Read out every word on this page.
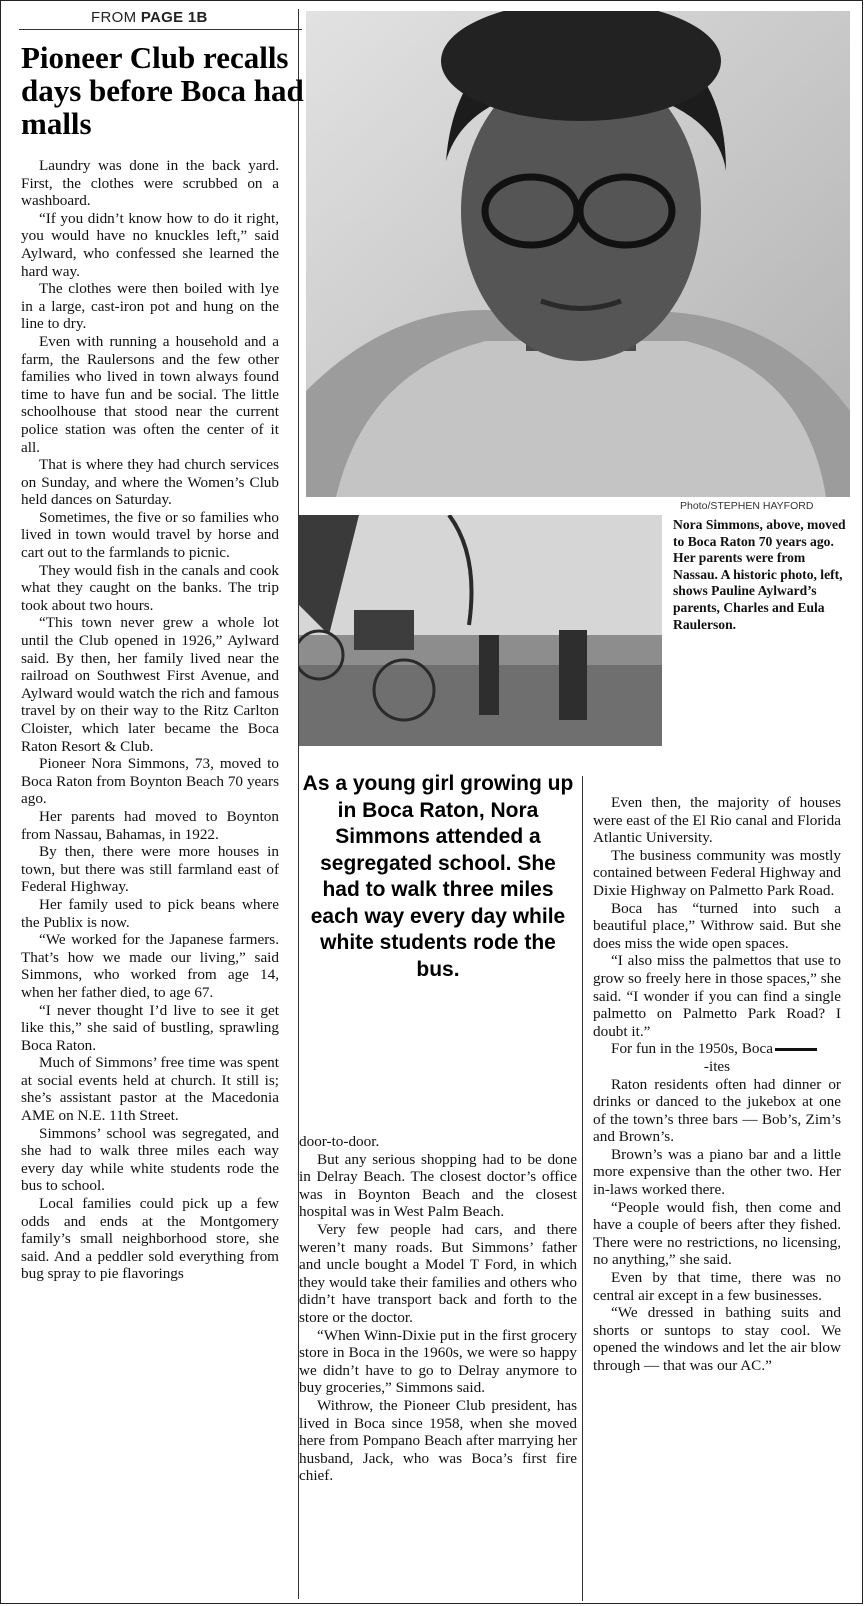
FROM PAGE 1B
Pioneer Club recalls days before Boca had malls

Laundry was done in the back yard. First, the clothes were scrubbed on a washboard.

“If you didn’t know how to do it right, you would have no knuckles left,” said Aylward, who confessed she learned the hard way.

The clothes were then boiled with lye in a large, cast-iron pot and hung on the line to dry.

Even with running a household and a farm, the Raulersons and the few other families who lived in town always found time to have fun and be social. The little schoolhouse that stood near the current police station was often the center of it all.

That is where they had church services on Sunday, and where the Women’s Club held dances on Saturday.

Sometimes, the five or so families who lived in town would travel by horse and cart out to the farmlands to picnic.

They would fish in the canals and cook what they caught on the banks. The trip took about two hours.

“This town never grew a whole lot until the Club opened in 1926,” Aylward said. By then, her family lived near the railroad on Southwest First Avenue, and Aylward would watch the rich and famous travel by on their way to the Ritz Carlton Cloister, which later became the Boca Raton Resort & Club.

Pioneer Nora Simmons, 73, moved to Boca Raton from Boynton Beach 70 years ago.

Her parents had moved to Boynton from Nassau, Bahamas, in 1922.

By then, there were more houses in town, but there was still farmland east of Federal Highway.

Her family used to pick beans where the Publix is now.

“We worked for the Japanese farmers. That’s how we made our living,” said Simmons, who worked from age 14, when her father died, to age 67.

“I never thought I’d live to see it get like this,” she said of bustling, sprawling Boca Raton.

Much of Simmons’ free time was spent at social events held at church. It still is; she’s assistant pastor at the Macedonia AME on N.E. 11th Street.

Simmons’ school was segregated, and she had to walk three miles each way every day while white students rode the bus to school.

Local families could pick up a few odds and ends at the Montgomery family’s small neighborhood store, she said. And a peddler sold everything from bug spray to pie flavorings

Photo/STEPHEN HAYFORD
Nora Simmons, above, moved to Boca Raton 70 years ago. Her parents were from Nassau. A historic photo, left, shows Pauline Aylward’s parents, Charles and Eula Raulerson.
As a young girl growing up in Boca Raton, Nora Simmons attended a segregated school. She had to walk three miles each way every day while white students rode the bus.

door-to-door.

But any serious shopping had to be done in Delray Beach. The closest doctor’s office was in Boynton Beach and the closest hospital was in West Palm Beach.

Very few people had cars, and there weren’t many roads. But Simmons’ father and uncle bought a Model T Ford, in which they would take their families and others who didn’t have transport back and forth to the store or the doctor.

“When Winn-Dixie put in the first grocery store in Boca in the 1960s, we were so happy we didn’t have to go to Delray anymore to buy groceries,” Simmons said.

Withrow, the Pioneer Club president, has lived in Boca since 1958, when she moved here from Pompano Beach after marrying her husband, Jack, who was Boca’s first fire chief.

Even then, the majority of houses were east of the El Rio canal and Florida Atlantic University.

The business community was mostly contained between Federal Highway and Dixie Highway on Palmetto Park Road.

Boca has “turned into such a beautiful place,” Withrow said. But she does miss the wide open spaces.

“I also miss the palmettos that use to grow so freely here in those spaces,” she said. “I wonder if you can find a single palmetto on Palmetto Park Road? I doubt it.”

For fun in the 1950s, Boca

-ites

Raton residents often had dinner or drinks or danced to the jukebox at one of the town’s three bars — Bob’s, Zim’s and Brown’s.

Brown’s was a piano bar and a little more expensive than the other two. Her in-laws worked there.

“People would fish, then come and have a couple of beers after they fished. There were no restrictions, no licensing, no anything,” she said.

Even by that time, there was no central air except in a few businesses.

“We dressed in bathing suits and shorts or suntops to stay cool. We opened the windows and let the air blow through — that was our AC.”
